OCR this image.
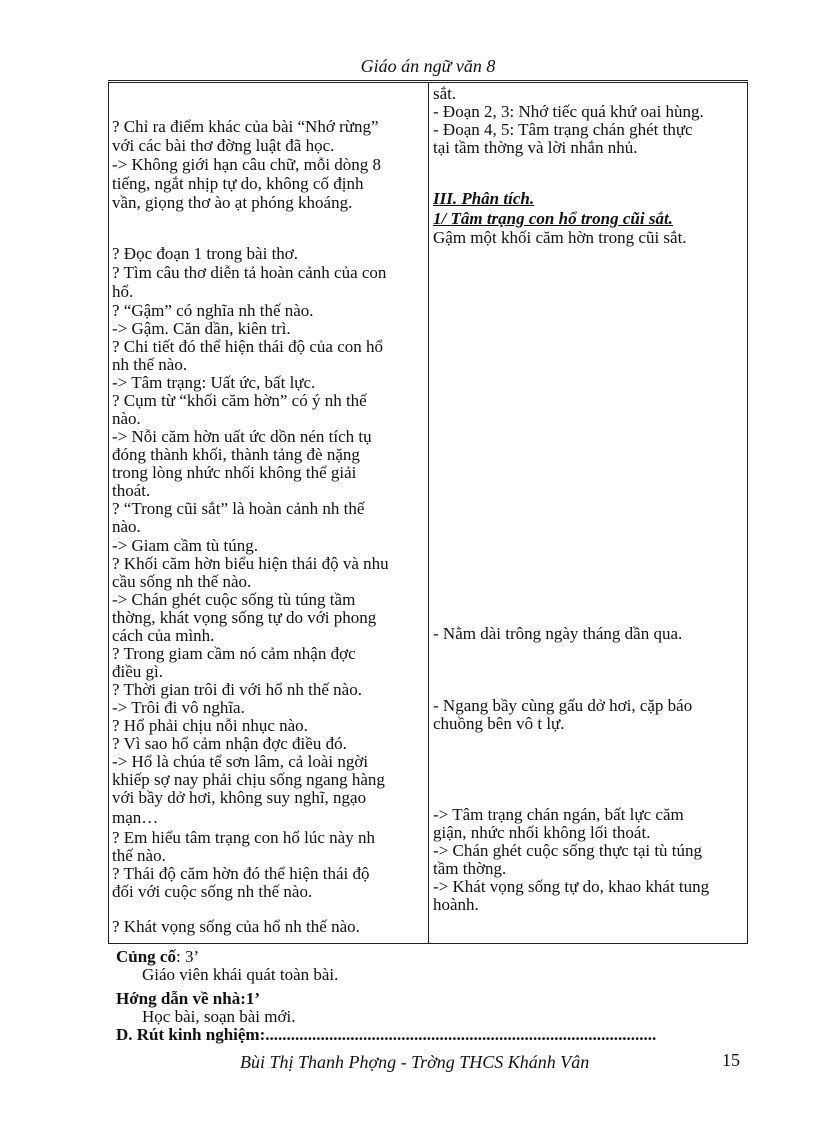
Giáo án ngữ văn 8
? Chỉ ra điểm khác của bài “Nhớ rừng”
với các bài thơ đờng luật đã học.
-> Không giới hạn câu chữ, mỗi dòng 8
tiếng, ngắt nhịp tự do, không cố định
vần, giọng thơ ào ạt phóng khoáng.
? Đọc đoạn 1 trong bài thơ.
? Tìm câu thơ diễn tả hoàn cảnh của con
hổ.
? “Gậm” có nghĩa nh thế nào.
-> Gậm. Căn dần, kiên trì.
? Chi tiết đó thể hiện thái độ của con hổ
nh thế nào.
-> Tâm trạng: Uất ức, bất lực.
? Cụm từ “khối căm hờn” có ý nh thế
nào.
-> Nỗi căm hờn uất ức dồn nén tích tụ
đóng thành khối, thành tảng đè nặng
trong lòng nhức nhối không thể giải
thoát.
? “Trong cũi sắt” là hoàn cảnh nh thế
nào.
-> Giam cầm tù túng.
? Khối căm hờn biểu hiện thái độ và nhu
cầu sống nh thế nào.
-> Chán ghét cuộc sống tù túng tầm
thờng, khát vọng sống tự do với phong
cách của mình.
? Trong giam cầm nó cảm nhận đợc
điều gì.
? Thời gian trôi đi với hổ nh thế nào.
-> Trôi đi vô nghĩa.
? Hổ phải chịu nỗi nhục nào.
? Vì sao hổ cảm nhận đợc điều đó.
-> Hổ là chúa tể sơn lâm, cả loài ngời
khiếp sợ nay phải chịu sống ngang hàng
với bầy dở hơi, không suy nghĩ, ngạo
mạn…
? Em hiểu tâm trạng con hổ lúc này nh
thế nào.
? Thái độ căm hờn đó thể hiện thái độ
đối với cuộc sống nh thế nào.
? Khát vọng sống của hổ nh thế nào.
sắt.
- Đoạn 2, 3: Nhớ tiếc quá khứ oai hùng.
- Đoạn 4, 5: Tâm trạng chán ghét thực
tại tầm thờng và lời nhắn nhủ.
III. Phân tích.
1/ Tâm trạng con hổ trong cũi sắt.
Gậm một khối căm hờn trong cũi sắt.
- Nằm dài trông ngày tháng dần qua.
- Ngang bầy cùng gấu dở hơi, cặp báo
chuồng bên vô t lự.
-> Tâm trạng chán ngán, bất lực căm
giận, nhức nhối không lối thoát.
-> Chán ghét cuộc sống thực tại tù túng
tầm thờng.
-> Khát vọng sống tự do, khao khát tung
hoành.
Củng cố: 3’
Giáo viên khái quát toàn bài.
Hớng dẫn về nhà:1’
Học bài, soạn bài mới.
D. Rút kinh nghiệm:............................................................................................
Bùi Thị Thanh Phợng - Trờng THCS Khánh Vân	15
